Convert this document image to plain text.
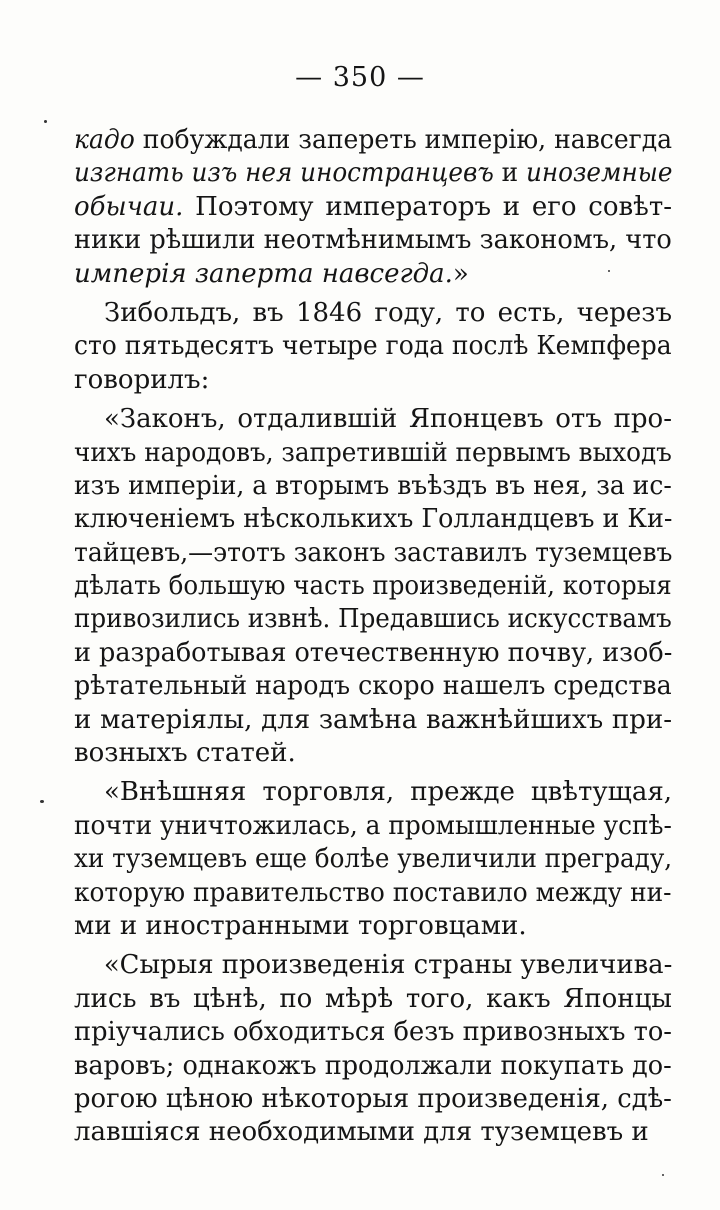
— 350 —
кадо побуждали запереть имперію, навсегда
изгнать изъ нея иностранцевъ и иноземные
обычаи. Поэтому императоръ и его совѣт-
ники рѣшили неотмѣнимымъ закономъ, что
имперія заперта навсегда.»
Зибольдъ, въ 1846 году, то есть, черезъ
сто пятьдесятъ четыре года послѣ Кемпфера
говорилъ:
«Законъ, отдалившій Японцевъ отъ про-
чихъ народовъ, запретившій первымъ выходъ
изъ имперіи, а вторымъ въѣздъ въ нея, за ис-
ключеніемъ нѣсколькихъ Голландцевъ и Ки-
тайцевъ,—этотъ законъ заставилъ туземцевъ
дѣлать большую часть произведеній, которыя
привозились извнѣ. Предавшись искусствамъ
и разработывая отечественную почву, изоб-
рѣтательный народъ скоро нашелъ средства
и матеріялы, для замѣна важнѣйшихъ при-
возныхъ статей.
«Внѣшняя торговля, прежде цвѣтущая,
почти уничтожилась, а промышленные успѣ-
хи туземцевъ еще болѣе увеличили преграду,
которую правительство поставило между ни-
ми и иностранными торговцами.
«Сырыя произведенія страны увеличива-
лись въ цѣнѣ, по мѣрѣ того, какъ Японцы
пріучались обходиться безъ привозныхъ то-
варовъ; однакожъ продолжали покупать до-
рогою цѣною нѣкоторыя произведенія, сдѣ-
лавшіяся необходимыми для туземцевъ и
